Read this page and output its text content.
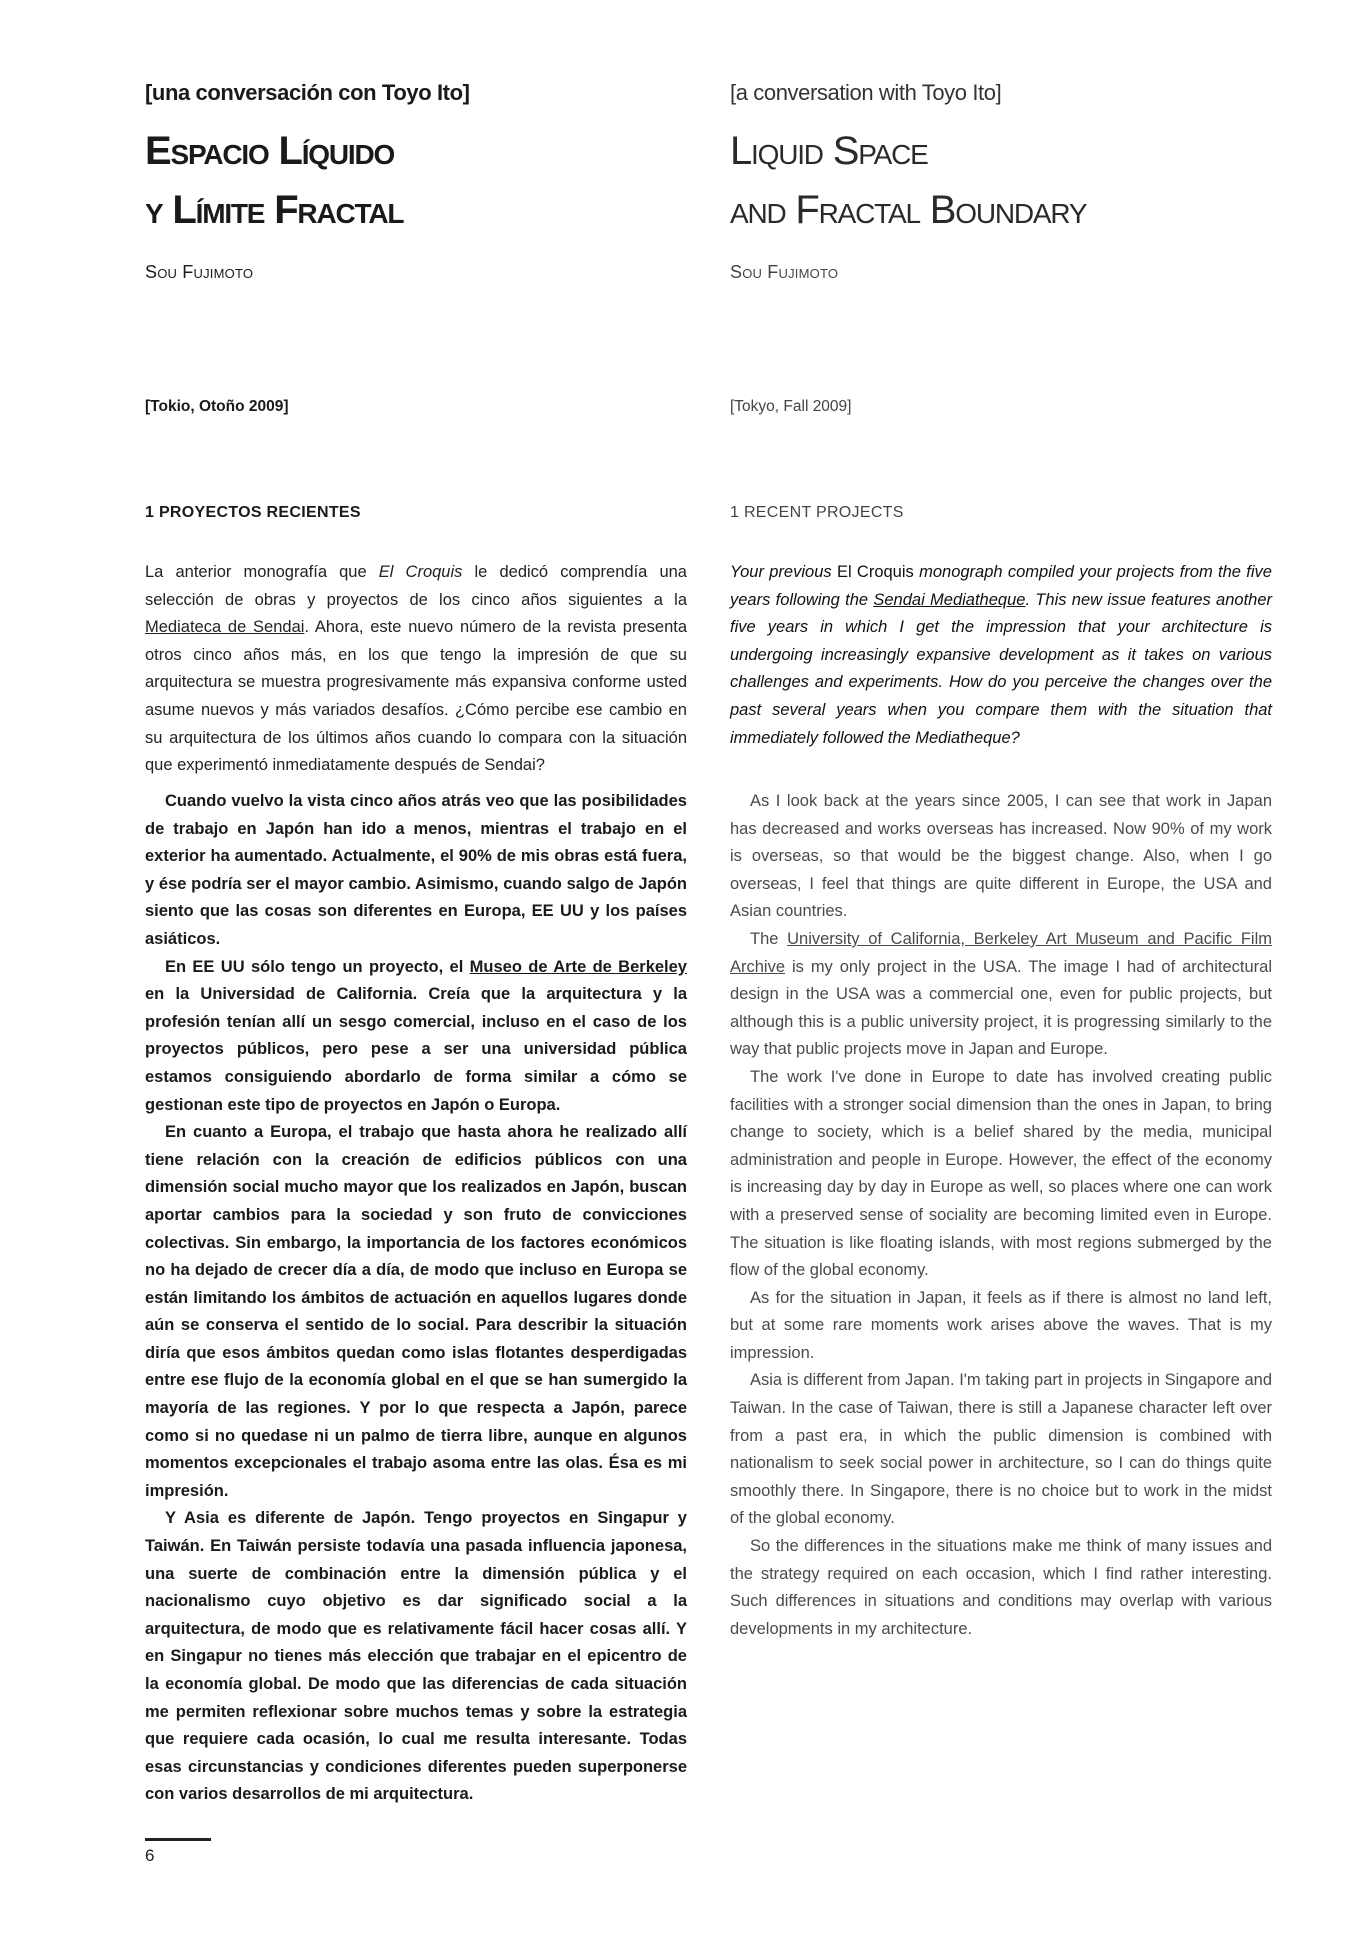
[una conversación con Toyo Ito]
Espacio Líquido
y Límite Fractal
Sou Fujimoto
[Tokio, Otoño 2009]
1 PROYECTOS RECIENTES

La anterior monografía que El Croquis le dedicó comprendía una selección de obras y proyectos de los cinco años siguientes a la Mediateca de Sendai. Ahora, este nuevo número de la revista presenta otros cinco años más, en los que tengo la impresión de que su arquitectura se muestra progresivamente más expansiva conforme usted asume nuevos y más variados desafíos. ¿Cómo percibe ese cambio en su arquitectura de los últimos años cuando lo compara con la situación que experimentó inmediatamente después de Sendai?

Cuando vuelvo la vista cinco años atrás veo que las posibilidades de trabajo en Japón han ido a menos, mientras el trabajo en el exterior ha aumentado. Actualmente, el 90% de mis obras está fuera, y ése podría ser el mayor cambio. Asimismo, cuando salgo de Japón siento que las cosas son diferentes en Europa, EE UU y los países asiáticos.

En EE UU sólo tengo un proyecto, el Museo de Arte de Berkeley en la Universidad de California. Creía que la arquitectura y la profesión tenían allí un sesgo comercial, incluso en el caso de los proyectos públicos, pero pese a ser una universidad pública estamos consiguiendo abordarlo de forma similar a cómo se gestionan este tipo de proyectos en Japón o Europa.

En cuanto a Europa, el trabajo que hasta ahora he realizado allí tiene relación con la creación de edificios públicos con una dimensión social mucho mayor que los realizados en Japón, buscan aportar cambios para la sociedad y son fruto de convicciones colectivas. Sin embargo, la importancia de los factores económicos no ha dejado de crecer día a día, de modo que incluso en Europa se están limitando los ámbitos de actuación en aquellos lugares donde aún se conserva el sentido de lo social. Para describir la situación diría que esos ámbitos quedan como islas flotantes desperdigadas entre ese flujo de la economía global en el que se han sumergido la mayoría de las regiones. Y por lo que respecta a Japón, parece como si no quedase ni un palmo de tierra libre, aunque en algunos momentos excepcionales el trabajo asoma entre las olas. Ésa es mi impresión.

Y Asia es diferente de Japón. Tengo proyectos en Singapur y Taiwán. En Taiwán persiste todavía una pasada influencia japonesa, una suerte de combinación entre la dimensión pública y el nacionalismo cuyo objetivo es dar significado social a la arquitectura, de modo que es relativamente fácil hacer cosas allí. Y en Singapur no tienes más elección que trabajar en el epicentro de la economía global. De modo que las diferencias de cada situación me permiten reflexionar sobre muchos temas y sobre la estrategia que requiere cada ocasión, lo cual me resulta interesante. Todas esas circunstancias y condiciones diferentes pueden superponerse con varios desarrollos de mi arquitectura.

[a conversation with Toyo Ito]
Liquid Space
and Fractal Boundary
Sou Fujimoto
[Tokyo, Fall 2009]
1 RECENT PROJECTS

Your previous El Croquis monograph compiled your projects from the five years following the Sendai Mediatheque. This new issue features another five years in which I get the impression that your architecture is undergoing increasingly expansive development as it takes on various challenges and experiments. How do you perceive the changes over the past several years when you compare them with the situation that immediately followed the Mediatheque?

As I look back at the years since 2005, I can see that work in Japan has decreased and works overseas has increased. Now 90% of my work is overseas, so that would be the biggest change. Also, when I go overseas, I feel that things are quite different in Europe, the USA and Asian countries.

The University of California, Berkeley Art Museum and Pacific Film Archive is my only project in the USA. The image I had of architectural design in the USA was a commercial one, even for public projects, but although this is a public university project, it is progressing similarly to the way that public projects move in Japan and Europe.

The work I've done in Europe to date has involved creating public facilities with a stronger social dimension than the ones in Japan, to bring change to society, which is a belief shared by the media, municipal administration and people in Europe. However, the effect of the economy is increasing day by day in Europe as well, so places where one can work with a preserved sense of sociality are becoming limited even in Europe. The situation is like floating islands, with most regions submerged by the flow of the global economy.

As for the situation in Japan, it feels as if there is almost no land left, but at some rare moments work arises above the waves. That is my impression.

Asia is different from Japan. I'm taking part in projects in Singapore and Taiwan. In the case of Taiwan, there is still a Japanese character left over from a past era, in which the public dimension is combined with nationalism to seek social power in architecture, so I can do things quite smoothly there. In Singapore, there is no choice but to work in the midst of the global economy.

So the differences in the situations make me think of many issues and the strategy required on each occasion, which I find rather interesting. Such differences in situations and conditions may overlap with various developments in my architecture.

6
